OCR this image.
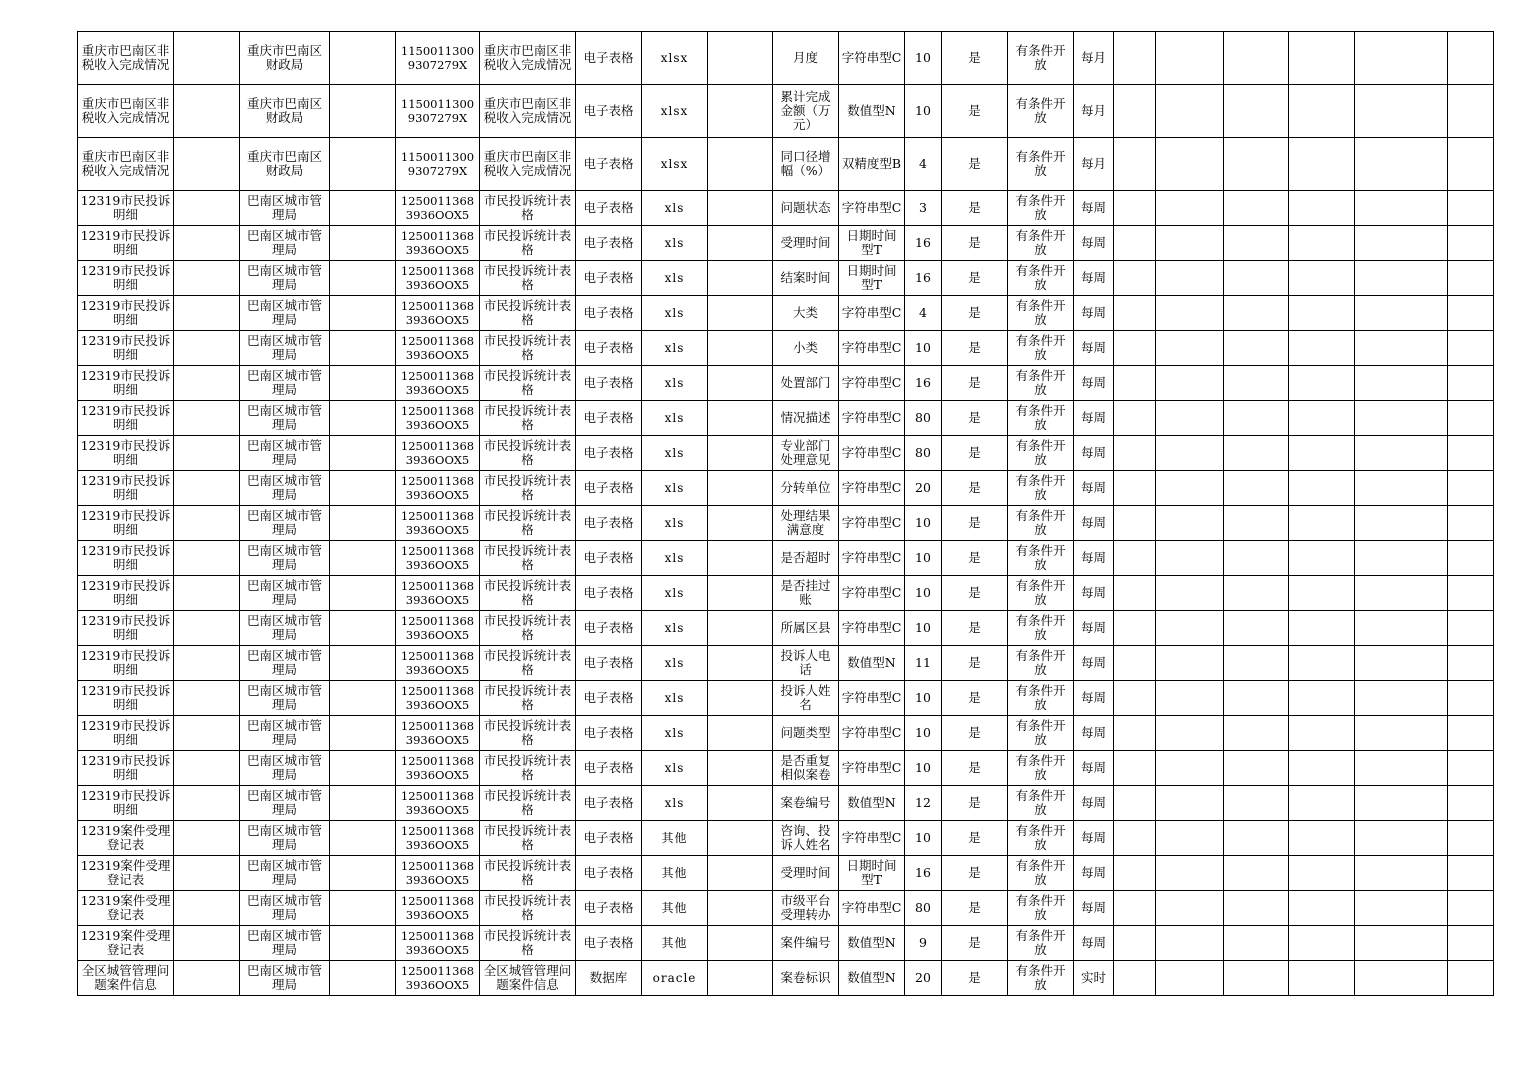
重庆市巴南区非税收入完成情况		重庆市巴南区财政局		11500113009307279X	重庆市巴南区非税收入完成情况	电子表格	xlsx		月度	字符串型C	10	是	有条件开放	每月						
重庆市巴南区非税收入完成情况		重庆市巴南区财政局		11500113009307279X	重庆市巴南区非税收入完成情况	电子表格	xlsx		累计完成金额（万元）	数值型N	10	是	有条件开放	每月						
重庆市巴南区非税收入完成情况		重庆市巴南区财政局		11500113009307279X	重庆市巴南区非税收入完成情况	电子表格	xlsx		同口径增幅（%）	双精度型B	4	是	有条件开放	每月						
12319市民投诉明细		巴南区城市管理局		12500113683936OOX5	市民投诉统计表格	电子表格	xls		问题状态	字符串型C	3	是	有条件开放	每周						
12319市民投诉明细		巴南区城市管理局		12500113683936OOX5	市民投诉统计表格	电子表格	xls		受理时间	日期时间型T	16	是	有条件开放	每周						
12319市民投诉明细		巴南区城市管理局		12500113683936OOX5	市民投诉统计表格	电子表格	xls		结案时间	日期时间型T	16	是	有条件开放	每周						
12319市民投诉明细		巴南区城市管理局		12500113683936OOX5	市民投诉统计表格	电子表格	xls		大类	字符串型C	4	是	有条件开放	每周						
12319市民投诉明细		巴南区城市管理局		12500113683936OOX5	市民投诉统计表格	电子表格	xls		小类	字符串型C	10	是	有条件开放	每周						
12319市民投诉明细		巴南区城市管理局		12500113683936OOX5	市民投诉统计表格	电子表格	xls		处置部门	字符串型C	16	是	有条件开放	每周						
12319市民投诉明细		巴南区城市管理局		12500113683936OOX5	市民投诉统计表格	电子表格	xls		情况描述	字符串型C	80	是	有条件开放	每周						
12319市民投诉明细		巴南区城市管理局		12500113683936OOX5	市民投诉统计表格	电子表格	xls		专业部门处理意见	字符串型C	80	是	有条件开放	每周						
12319市民投诉明细		巴南区城市管理局		12500113683936OOX5	市民投诉统计表格	电子表格	xls		分转单位	字符串型C	20	是	有条件开放	每周						
12319市民投诉明细		巴南区城市管理局		12500113683936OOX5	市民投诉统计表格	电子表格	xls		处理结果满意度	字符串型C	10	是	有条件开放	每周						
12319市民投诉明细		巴南区城市管理局		12500113683936OOX5	市民投诉统计表格	电子表格	xls		是否超时	字符串型C	10	是	有条件开放	每周						
12319市民投诉明细		巴南区城市管理局		12500113683936OOX5	市民投诉统计表格	电子表格	xls		是否挂过账	字符串型C	10	是	有条件开放	每周						
12319市民投诉明细		巴南区城市管理局		12500113683936OOX5	市民投诉统计表格	电子表格	xls		所属区县	字符串型C	10	是	有条件开放	每周						
12319市民投诉明细		巴南区城市管理局		12500113683936OOX5	市民投诉统计表格	电子表格	xls		投诉人电话	数值型N	11	是	有条件开放	每周						
12319市民投诉明细		巴南区城市管理局		12500113683936OOX5	市民投诉统计表格	电子表格	xls		投诉人姓名	字符串型C	10	是	有条件开放	每周						
12319市民投诉明细		巴南区城市管理局		12500113683936OOX5	市民投诉统计表格	电子表格	xls		问题类型	字符串型C	10	是	有条件开放	每周						
12319市民投诉明细		巴南区城市管理局		12500113683936OOX5	市民投诉统计表格	电子表格	xls		是否重复相似案卷	字符串型C	10	是	有条件开放	每周						
12319市民投诉明细		巴南区城市管理局		12500113683936OOX5	市民投诉统计表格	电子表格	xls		案卷编号	数值型N	12	是	有条件开放	每周						
12319案件受理登记表		巴南区城市管理局		12500113683936OOX5	市民投诉统计表格	电子表格	其他		咨询、投诉人姓名	字符串型C	10	是	有条件开放	每周						
12319案件受理登记表		巴南区城市管理局		12500113683936OOX5	市民投诉统计表格	电子表格	其他		受理时间	日期时间型T	16	是	有条件开放	每周						
12319案件受理登记表		巴南区城市管理局		12500113683936OOX5	市民投诉统计表格	电子表格	其他		市级平台受理转办	字符串型C	80	是	有条件开放	每周						
12319案件受理登记表		巴南区城市管理局		12500113683936OOX5	市民投诉统计表格	电子表格	其他		案件编号	数值型N	9	是	有条件开放	每周						
全区城管管理问题案件信息		巴南区城市管理局		12500113683936OOX5	全区城管管理问题案件信息	数据库	oracle		案卷标识	数值型N	20	是	有条件开放	实时						
